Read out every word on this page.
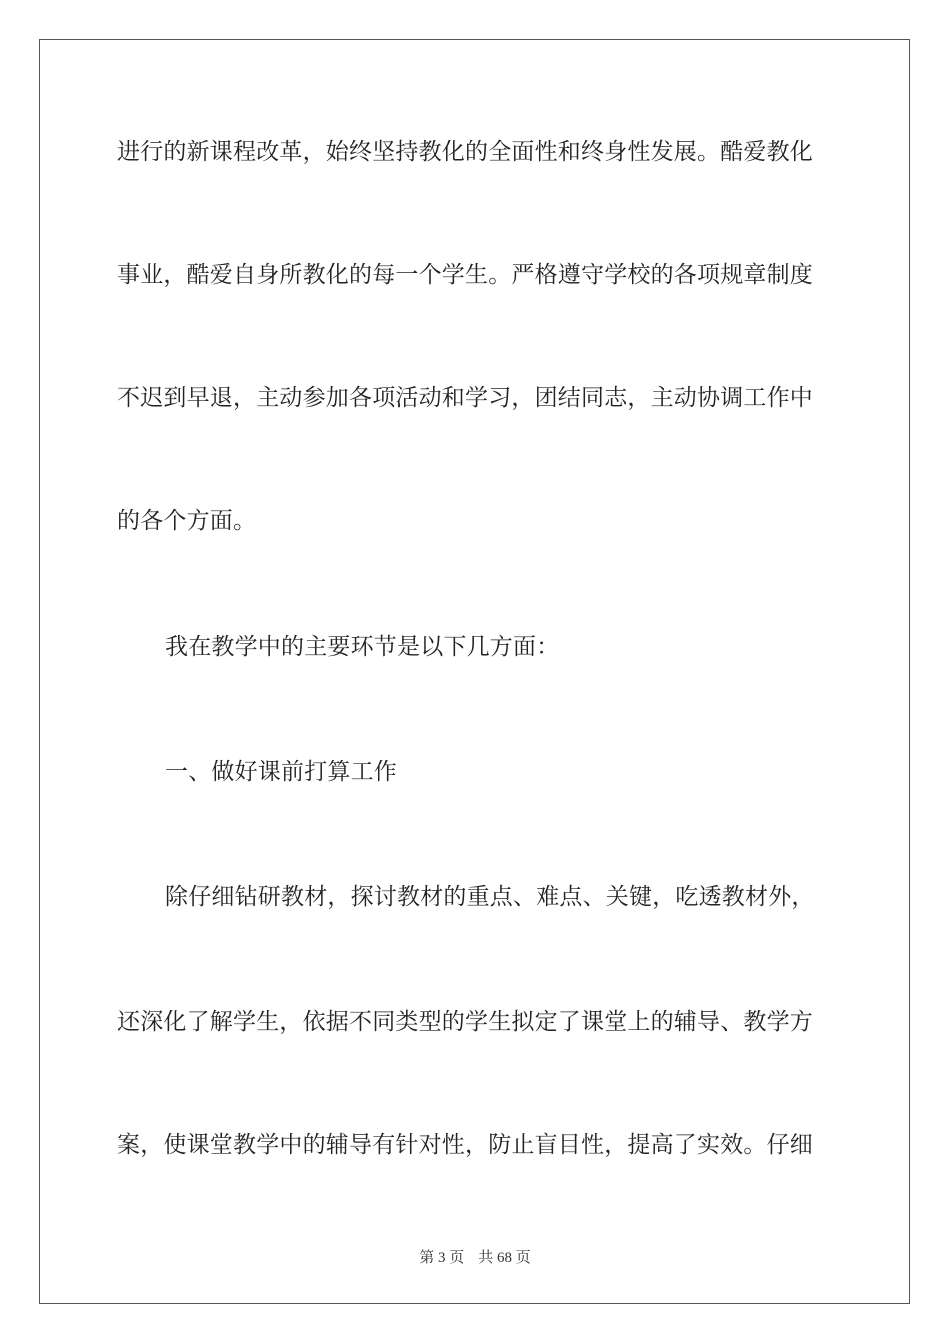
进行的新课程改革，始终坚持教化的全面性和终身性发展。酷爱教化
事业，酷爱自身所教化的每一个学生。严格遵守学校的各项规章制度
不迟到早退，主动参加各项活动和学习，团结同志，主动协调工作中
的各个方面。
我在教学中的主要环节是以下几方面：
一、做好课前打算工作
除仔细钻研教材，探讨教材的重点、难点、关键，吃透教材外，
还深化了解学生，依据不同类型的学生拟定了课堂上的辅导、教学方
案，使课堂教学中的辅导有针对性，防止盲目性，提高了实效。仔细
第 3 页 共 68 页
